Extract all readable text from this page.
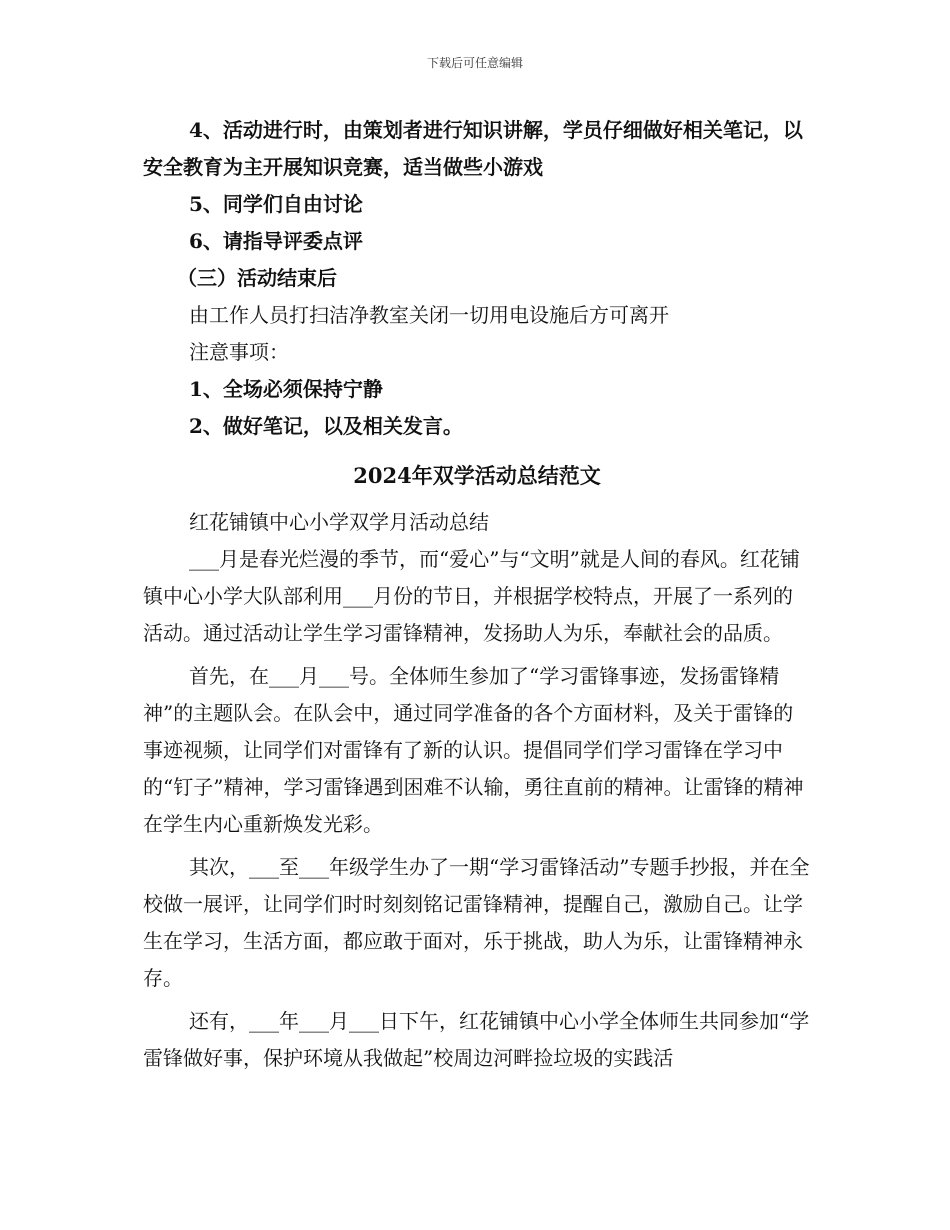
下载后可任意编辑

4、活动进行时，由策划者进行知识讲解，学员仔细做好相关笔记，以安全教育为主开展知识竞赛，适当做些小游戏

5、同学们自由讨论

6、请指导评委点评

（三）活动结束后

由工作人员打扫洁净教室关闭一切用电设施后方可离开

注意事项：

1、全场必须保持宁静

2、做好笔记，以及相关发言。

2024年双学活动总结范文

红花铺镇中心小学双学月活动总结

___月是春光烂漫的季节，而“爱心”与“文明”就是人间的春风。红花铺镇中心小学大队部利用___月份的节日，并根据学校特点，开展了一系列的活动。通过活动让学生学习雷锋精神，发扬助人为乐，奉献社会的品质。

首先，在___月___号。全体师生参加了“学习雷锋事迹，发扬雷锋精神”的主题队会。在队会中，通过同学准备的各个方面材料，及关于雷锋的事迹视频，让同学们对雷锋有了新的认识。提倡同学们学习雷锋在学习中的“钉子”精神，学习雷锋遇到困难不认输，勇往直前的精神。让雷锋的精神在学生内心重新焕发光彩。

其次，___至___年级学生办了一期“学习雷锋活动”专题手抄报，并在全校做一展评，让同学们时时刻刻铭记雷锋精神，提醒自己，激励自己。让学生在学习，生活方面，都应敢于面对，乐于挑战，助人为乐，让雷锋精神永存。

还有，___年___月___日下午，红花铺镇中心小学全体师生共同参加“学雷锋做好事，保护环境从我做起”校周边河畔捡垃圾的实践活
